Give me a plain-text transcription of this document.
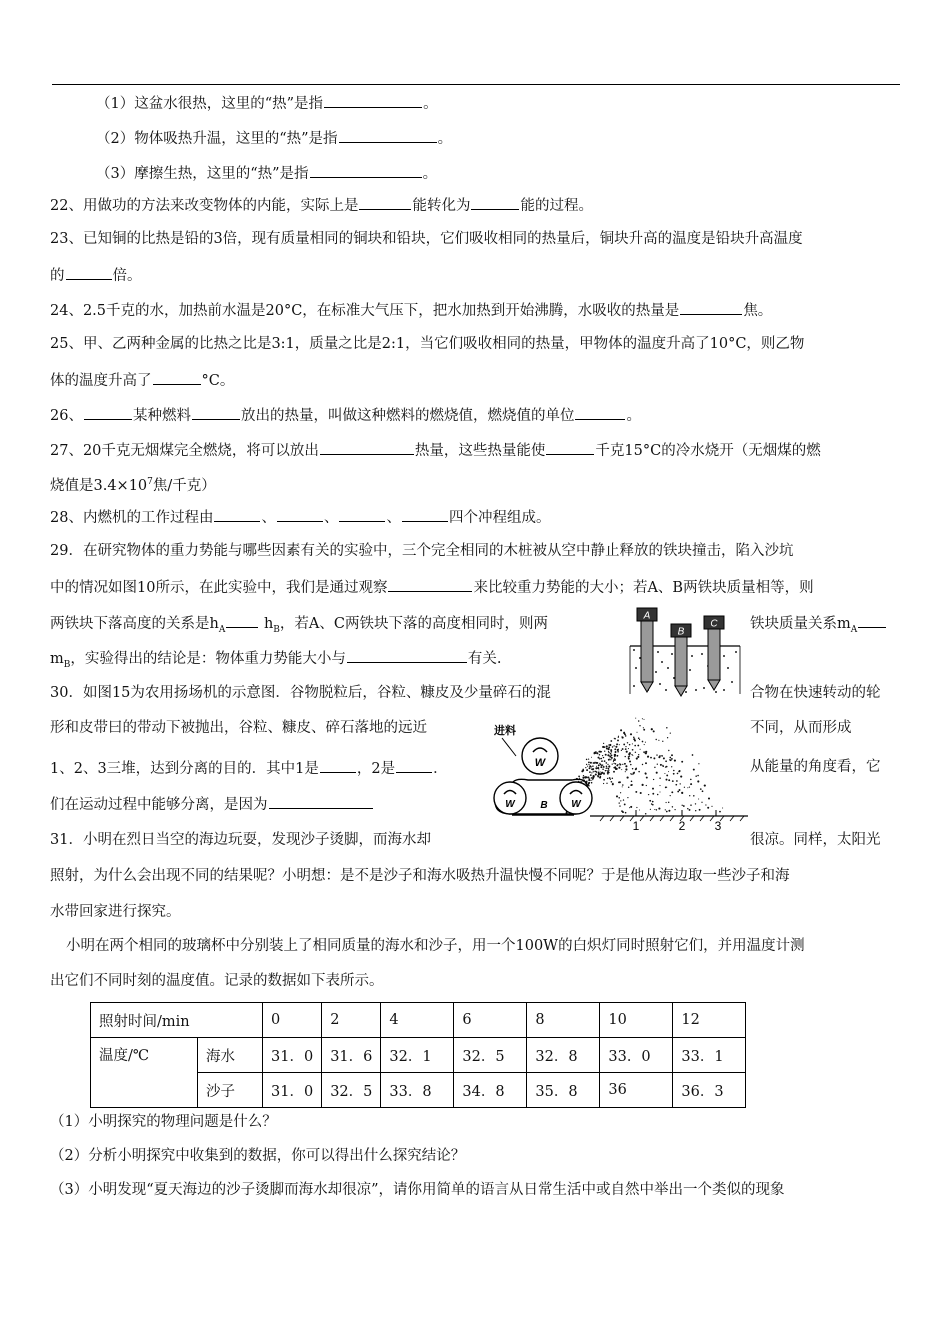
（1）这盆水很热，这里的“热”是指	。
（2）物体吸热升温，这里的“热”是指	。
（3）摩擦生热，这里的“热”是指	。
22、用做功的方法来改变物体的内能，实际上是	能转化为	能的过程。
23、已知铜的比热是铅的3倍，现有质量相同的铜块和铅块，它们吸收相同的热量后，铜块升高的温度是铅块升高温度
的	倍。
24、2.5千克的水，加热前水温是20°C，在标准大气压下，把水加热到开始沸腾，水吸收的热量是	焦。
25、甲、乙两种金属的比热之比是3:1，质量之比是2:1，当它们吸收相同的热量，甲物体的温度升高了10°C，则乙物
体的温度升高了	°C。
26、	某种燃料	放出的热量，叫做这种燃料的燃烧值，燃烧值的单位	。
27、20千克无烟煤完全燃烧，将可以放出	热量，这些热量能使	千克15°C的冷水烧开（无烟煤的燃
烧值是$3.4\times 10^7$焦/千克）
28、内燃机的工作过程由	、	、	、	四个冲程组成。
29．在研究物体的重力势能与哪些因素有关的实验中，三个完全相同的木桩被从空中静止释放的铁块撞击，陷入沙坑
中的情况如图10所示，在此实验中，我们是通过观察	来比较重力势能的大小；若A、B两铁块质量相等，则
两铁块下落高度的关系是$h_A$	$h_B$，若A、C两铁块下落的高度相同时，则两	铁块质量关系$m_A$
$m_B$，实验得出的结论是：物体重力势能大小与	有关.
30．如图15为农用扬场机的示意图．谷物脱粒后，谷粒、糠皮及少量碎石的混	合物在快速转动的轮
形和皮带曰的带动下被抛出，谷粒、糠皮、碎石落地的远近	不同，从而形成
1、2、3三堆，达到分离的目的．其中1是	，2是	．	从能量的角度看，它
们在运动过程中能够分离，是因为
31．小明在烈日当空的海边玩耍，发现沙子烫脚，而海水却	很凉。同样，太阳光
照射，为什么会出现不同的结果呢？小明想：是不是沙子和海水吸热升温快慢不同呢？于是他从海边取一些沙子和海
水带回家进行探究。
小明在两个相同的玻璃杯中分别装上了相同质量的海水和沙子，用一个100W的白炽灯同时照射它们，并用温度计测
出它们不同时刻的温度值。记录的数据如下表所示。
A
B
C
进料
B
W
W	W
1	2 3
照射时间/min		0	2	4	6	8	10	12
温度/℃	海水	31．0	31．6	32．1	32．5	32．8	33．0	33．1
	沙子	31．0	32．5	33．8	34．8	35．8	36	36．3
（1）小明探究的物理问题是什么？
（2）分析小明探究中收集到的数据，你可以得出什么探究结论？
（3）小明发现“夏天海边的沙子烫脚而海水却很凉”，请你用简单的语言从日常生活中或自然中举出一个类似的现象
